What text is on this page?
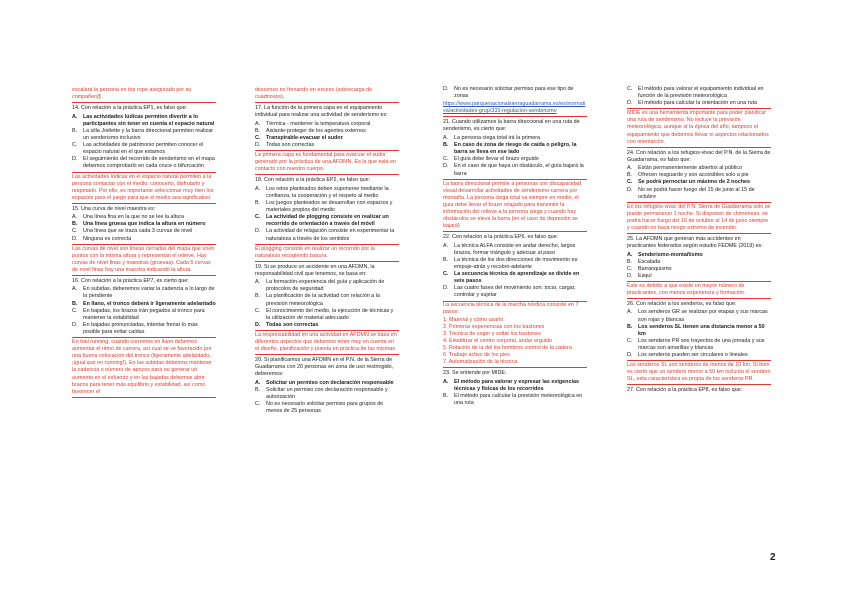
escalará la persona en top rope asegurado por su compañer@.

14. Con relación a la práctica EP1, es falso que:
A.	Las actividades lúdicas permiten divertir a lo participantes sin tener en cuenta el espacio natural
B.	La silla Joëlette y la barra direccional permiten realizar un senderismo inclusivo
C.	Las actividades de patrimonio permiten conocer el espacio natural en el que estamos
D.	El seguimiento del recorrido de senderismo en el mapa debemos comprobarlo en cada cruce o bifurcación

Las actividades lúdicas en el espacio natural permiten a la persona contactar con el medio, conocerlo, disfrutarlo y respetarlo. Por ello, es importante seleccionar muy bien los espacios para el juego para que el medio sea significativo.

15. Una curva de nivel maestra es:
A.	Una línea fina en la que no se lee la altura
B.	Una línea gruesa que indica la altura en número
C.	Una línea que se traza cada 3 curvas de nivel
D.	Ninguna es correcta

Las curvas de nivel son líneas cerradas del mapa que unen puntos con la misma altura y representan el relieve. Hay curvas de nivel finas y maestras (gruesas). Cada 5 curvas de nivel finas hay una maestra indicando la altura.

16. Con relación a la práctica EP7, es cierto que:
A.	En subidas, deberemos variar la cadencia a lo largo de la pendiente
B.	En llano, el tronco deberá ir ligeramente adelantado
C.	En bajadas, los brazos irán pegados al tronco para mantener la estabilidad
D.	En bajadas pronunciadas, intentar frenar lo más posible para evitar caídas

En trail running, cuando corremos en llano debemos aumentar el ritmo de carrera, así cual se ve favorecido por una buena colocación del tronco (ligeramente adelantado, ¡igual que en running!). En las subidas debemos mantener la cadencia o número de apoyos para no generar un aumento en el esfuerzo y en las bajadas debemos abrir brazos para tener más equilibrio y estabilidad, así como favorecer el

descenso no frenando en exceso (sobrecarga de cuádriceps).

17. La función de la primera capa en el equipamiento individual para realizar una actividad de senderismo es:
A.	Térmica - mantener la temperatura corporal
B.	Aislante-proteger de los agentes externos
C.	Transpirable-evacuar el sudor
D.	Todas son correctas

La primera capa es fundamental para evacuar el sudor generado por la práctica de una AFDMN. Es la que está en contacto con nuestro cuerpo.

18. Con relación a la práctica EP2, es falso que:
A.	Los retos planteados deben suponerse mediante la confianza, la cooperación y el respeto al medio
B.	Los juegos planteados se desarrollan con espacios y materiales propios del medio
C.	La actividad de plogging consiste en realizar un recorrido de orientación a través del móvil
D.	La actividad de relajación consiste en experimentar la naturaleza a través de los sentidos

El plogging consiste en realizar un recorrido por la naturaleza recogiendo basura.

19. Si se produce un accidente en una AFDMN, la responsabilidad civil que tenemos, se basa en:
A.	La formación-experiencia del guía y aplicación de protocolos de seguridad
B.	La planificación de la actividad con relación a la previsión meteorológica
C.	El conocimiento del medio, la ejecución de técnicas y la utilización de material adecuado
D.	Todas son correctas

La responsabilidad en una actividad en AFDMN se basa en diferentes aspectos que debemos tener muy en cuenta en el diseño, planificación y puesta en práctica de las mismas.

20. Si planificamos una AFDMN en el P.N. de la Sierra de Guadarrama con 20 personas en zona de uso restringido, deberemos:
A.	Solicitar un permiso con declaración responsable
B.	Solicitar un permiso con declaración responsable y autorización
C.	No es necesario solicitar permiso para grupos de menos de 25 personas
D.	No es necesario solicitar permiso para ese tipo de zonas

https://www.parquenacionalsierraguadarrama.es/es/normativa/actividades-grup/333-regulacion-senderismo

21. Cuando utilizamos la barra direccional en una ruta de senderismo, es cierto que:
A.	La persona ciega total irá la primera
B.	En caso de zona de riesgo de caída o peligro, la barra se lleva en ese lado
C.	El guía debe llevar el brazo erguido
D.	En el caso de que haya un obstáculo, el guía bajará la barra

La barra direccional permite a personas con discapacidad visual desarrollar actividades de senderismo-carrera por montaña. La persona ciega total va siempre en medio, el guía debe llevar el brazo relajado para transmitir la información del relieve a la persona ciega y cuando hay obstáculos se eleva la barra (en el caso de depresión se bajará)

22. Con relación a la práctica EP6, es falso que:
A.	La técnica ALFA consiste en andar derecho, largos brazos, formar triángulo y adecuar al paso
B.	La técnica de los dos direcciones de movimiento es: empuje-atrás y recobro-adelante
C.	La secuencia técnica de aprendizaje se divide en seis pasos
D.	Las cuatro fases del movimiento son: tocar, cargar, controlar y sujetar

La secuencia técnica de la marcha nórdica consiste en 7 pasos:

1. Material y cómo usarlo

2. Primeras experiencias con los bastones

3. Técnica de coger y soltar los bastones

4. Establizar el centro corporal, andar erguido

5. Rotación de la del los hombros control de la cadera

6. Trabajo activo de los pies

7. Automatización de la técnica

23. Se entiende por MIDE:
A.	El método para valorar y expresar las exigencias técnicas y físicas de los recorridos
B.	El método para calcular la previsión meteorológica en una ruta
C.	El método para valorar el equipamiento individual en función de la previsión meteorológica
D.	El método para calcular la orientación en una ruta

MIDE es una herramienta importante para poder planificar una ruta de senderismo. No incluye la previsión meteorológica, aunque sí la época del año; tampoco el equipamiento que debemos llevar ni aspectos relacionados con orientación.

24. Con relación a los refugios-vivac del P.N. de la Sierra de Guadarrama, es falso que:
A.	Están permanentemente abiertos al público
B.	Ofrecen resguardo y son accesibles solo a pie
C.	Se podrá pernoctar un máximo de 2 noches
D.	No se podrá hacer fuego del 15 de junio al 15 de octubre

En los refugios-vivac del P.N. Sierra de Guadarrama solo se puede permanecer 1 noche. Si disponen de chimeneas, se podrá hacer fuego del 16 de octubre al 14 de junio siempre y cuando no haya riesgo extremo de incendio.

25. La AFDMN que generan más accidentes en practicantes federados según estudio FEDME (2019) es:
A.	Senderismo-montañismo
B.	Escalada
C.	Barranquismo
D.	Esquí

Este es debido a que existe un mayor número de practicantes, con menos experiencia y formación.

26. Con relación a los senderos, es falso que:
A.	Los senderos GR se realizan por etapas y sus marcas son rojas y blancas
B.	Los senderos SL tienen una distancia menor a 50 km
C.	Los senderos PR son trayectos de una jornada y sus marcas son amarillas y blancas
D.	Los senderos pueden ser circulares o lineales

Los senderos SL son senderos de menos de 10 km. Si bien es cierto que un sendero menor a 50 km incluiría el sendero SL, esta característica es propia de los senderos PR.

27. Con relación a la práctica EP8, es falso que:
2
